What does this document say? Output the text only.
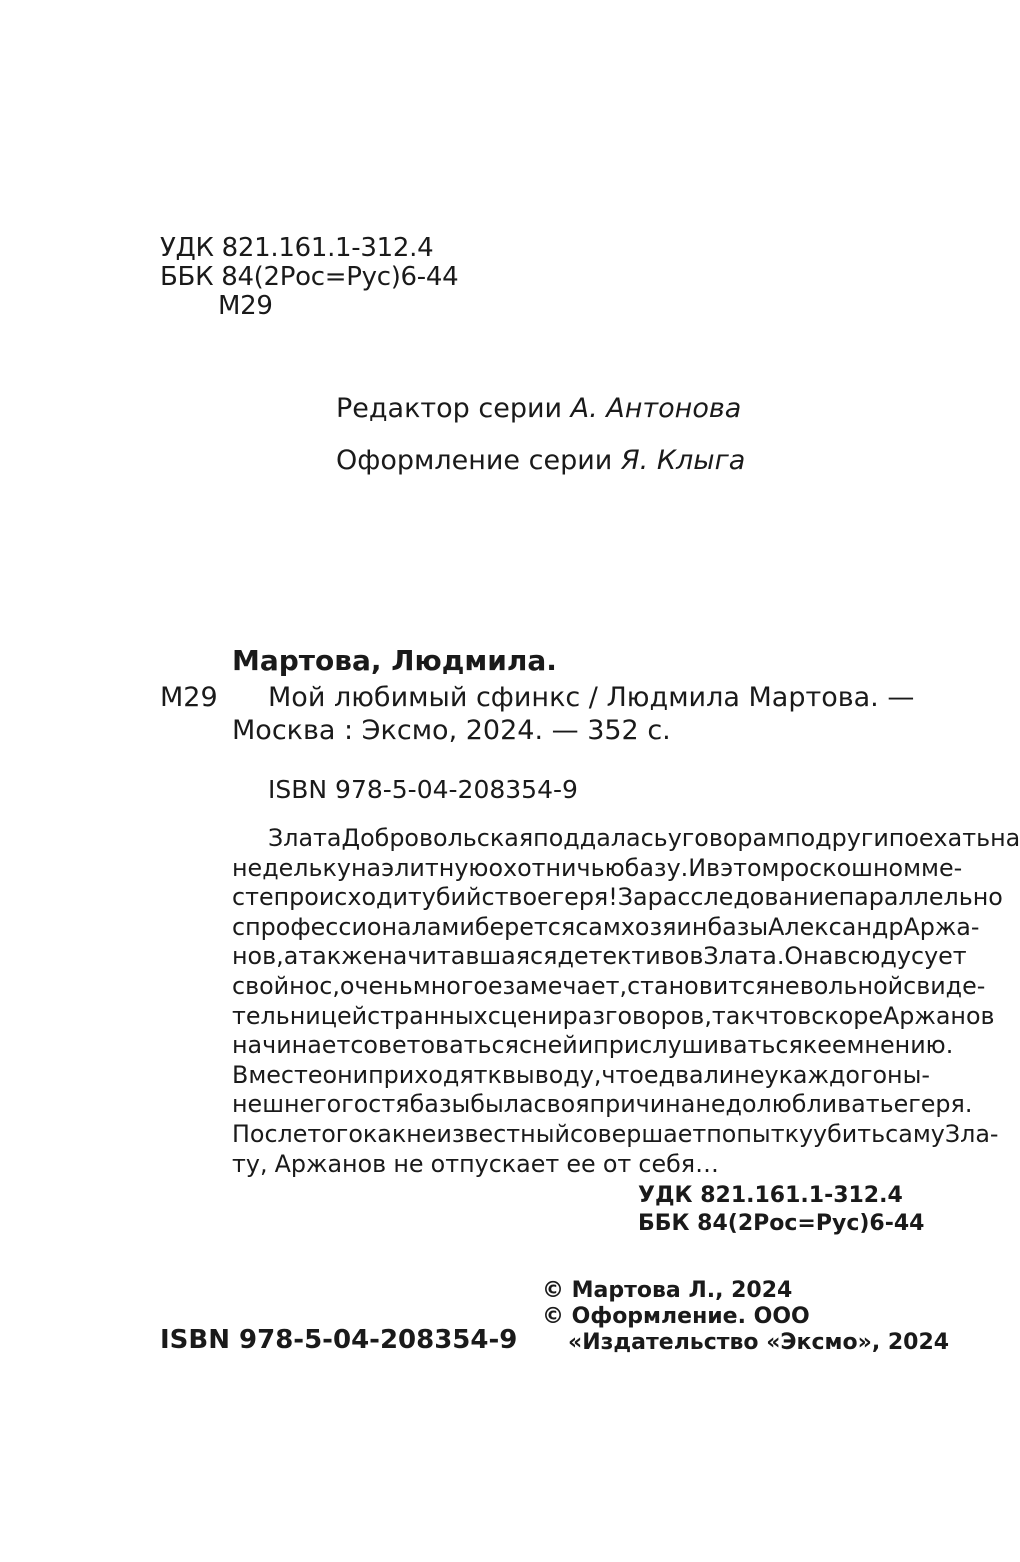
УДК 821.161.1-312.4
ББК 84(2Рос=Рус)6-44
М29
Редактор серии А. Антонова
Оформление серии Я. Клыга
Мартова, Людмила.
М29 Мой любимый сфинкс / Людмила Мартова. —
Москва : Эксмо, 2024. — 352 с.
ISBN 978-5-04-208354-9
Злата Добровольская поддалась уговорам подруги поехать на
недельку на элитную охотничью базу. И в этом роскошном ме-
сте происходит убийство егеря! За расследование параллельно
с профессионалами берется сам хозяин базы Александр Аржа-
нов, а также начитавшаяся детективов Злата. Она всюду сует
свой нос, очень многое замечает, становится невольной свиде-
тельницей странных сцен и разговоров, так что вскоре Аржанов
начинает советоваться с ней и прислушиваться к ее мнению.
Вместе они приходят к выводу, что едва ли не у каждого ны-
нешнего гостя базы была своя причина недолюбливать егеря.
После того как неизвестный совершает попытку убить саму Зла-
ту, Аржанов не отпускает ее от себя…
УДК 821.161.1-312.4
ББК 84(2Рос=Рус)6-44
ISBN 978-5-04-208354-9
© Мартова Л., 2024
© Оформление. ООО
«Издательство «Эксмо», 2024
